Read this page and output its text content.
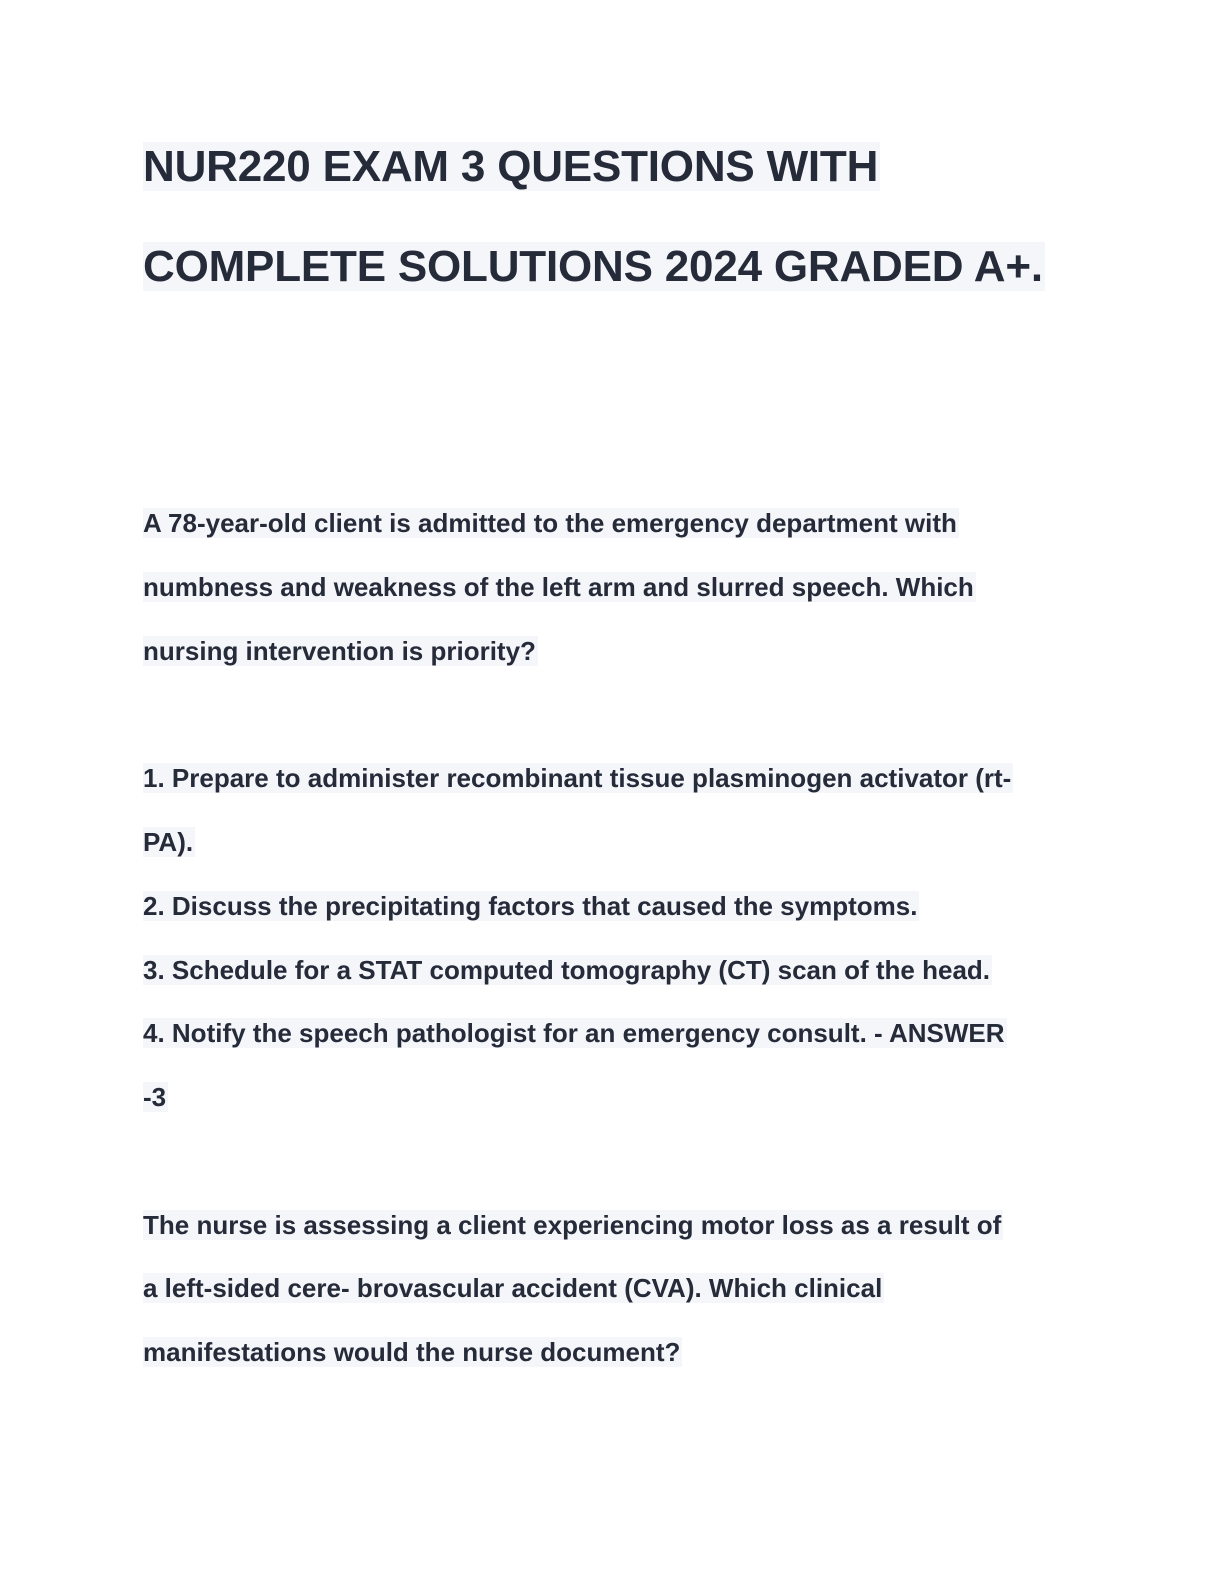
NUR220 EXAM 3 QUESTIONS WITH
COMPLETE SOLUTIONS 2024 GRADED A+.

A 78-year-old client is admitted to the emergency department with

numbness and weakness of the left arm and slurred speech. Which

nursing intervention is priority?

1. Prepare to administer recombinant tissue plasminogen activator (rt-

PA).

2. Discuss the precipitating factors that caused the symptoms.

3. Schedule for a STAT computed tomography (CT) scan of the head.

4. Notify the speech pathologist for an emergency consult. - ANSWER

-3

The nurse is assessing a client experiencing motor loss as a result of

a left-sided cere- brovascular accident (CVA). Which clinical

manifestations would the nurse document?
